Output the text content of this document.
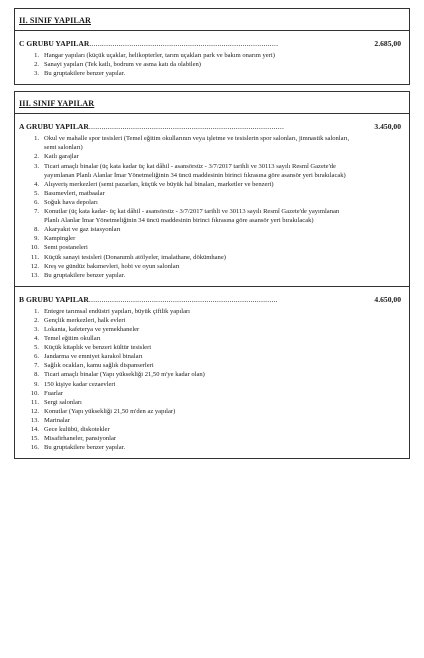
II. SINIF YAPILAR
C GRUBU YAPILAR..........................................................................................	2.685,00
1. Hangar yapıları (küçük uçaklar, helikopterler, tarım uçakları park ve bakım onarım yeri)
2. Sanayi yapıları (Tek katlı, bodrum ve asma katı da olabilen)
3. Bu gruptakilere benzer yapılar.
III. SINIF YAPILAR
A GRUBU YAPILAR.............................................................................................	3.450,00
1. Okul ve mahalle spor tesisleri (Temel eğitim okullarının veya işletme ve tesislerin spor salonları, jimnastik salonları, semt salonları)
2. Katlı garajlar
3. Ticari amaçlı binalar (üç kata kadar üç kat dâhil - asansörsüz - 3/7/2017 tarihli ve 30113 sayılı Resmî Gazete'de yayımlanan Planlı Alanlar İmar Yönetmeliğinin 34 üncü maddesinin birinci fıkrasına göre asansör yeri bırakılacak)
4. Alışveriş merkezleri (semt pazarları, küçük ve büyük hal binaları, marketler ve benzeri)
5. Basımevleri, matbaalar
6. Soğuk hava depoları
7. Konutlar (üç kata kadar- üç kat dâhil - asansörsüz - 3/7/2017 tarihli ve 30113 sayılı Resmî Gazete'de yayımlanan Planlı Alanlar İmar Yönetmeliğinin 34 üncü maddesinin birinci fıkrasına göre asansör yeri bırakılacak)
8. Akaryakıt ve gaz istasyonları
9. Kampingler
10. Semt postaneleri
11. Küçük sanayi tesisleri (Donanımlı atölyeler, imalathane, dökümhane)
12. Kreş ve gündüz bakımevleri, hobi ve oyun salonları
13. Bu gruptakilere benzer yapılar.
B GRUBU YAPILAR..........................................................................................	4.650,00
1. Entegre tarımsal endüstri yapıları, büyük çiftlik yapıları
2. Gençlik merkezleri, halk evleri
3. Lokanta, kafeterya ve yemekhaneler
4. Temel eğitim okulları
5. Küçük kitaplık ve benzeri kültür tesisleri
6. Jandarma ve emniyet karakol binaları
7. Sağlık ocakları, kamu sağlık dispanserleri
8. Ticari amaçlı binalar (Yapı yüksekliği 21,50 m'ye kadar olan)
9. 150 kişiye kadar cezaevleri
10. Fuarlar
11. Sergi salonları
12. Konutlar (Yapı yüksekliği 21,50 m'den az yapılar)
13. Marinalar
14. Gece kulübü, diskotekler
15. Misafirhaneler, pansiyonlar
16. Bu gruptakilere benzer yapılar.
